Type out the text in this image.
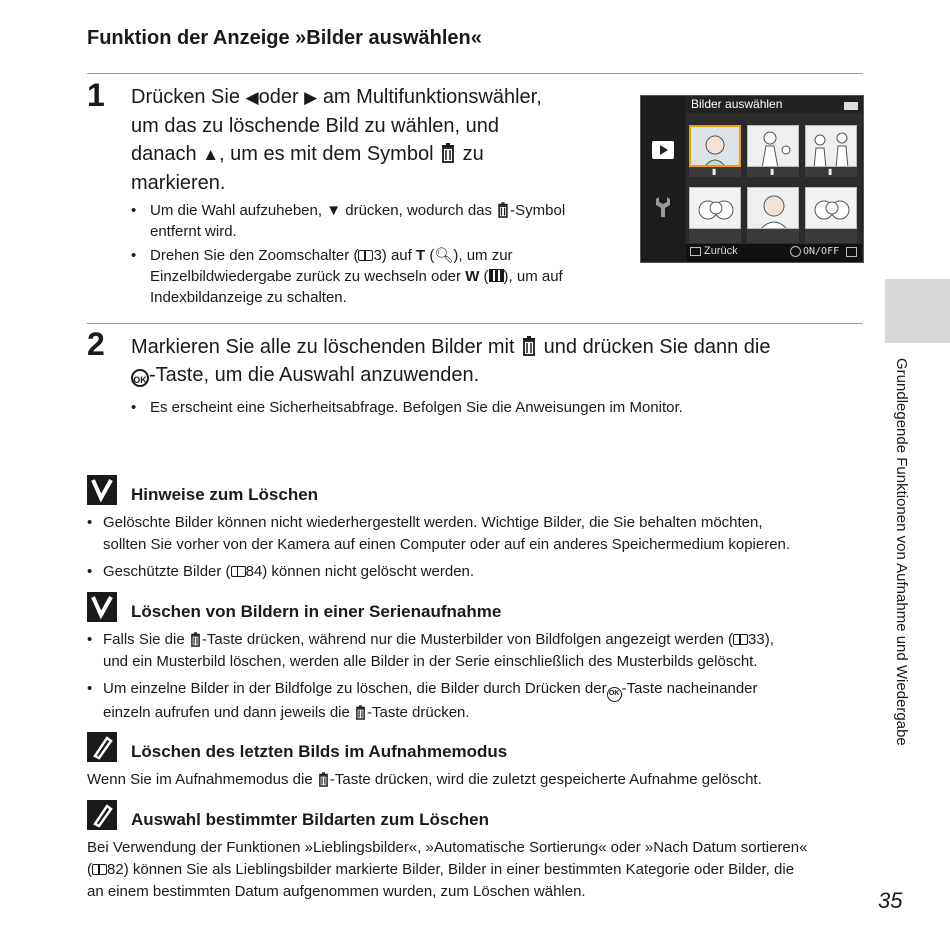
Funktion der Anzeige »Bilder auswählen«
1 Drücken Sie ◀oder ▶ am Multifunktionswähler,
um das zu löschende Bild zu wählen, und
danach ▲, um es mit dem Symbol zu
markieren.
• Um die Wahl aufzuheben, ▼ drücken, wodurch das -Symbol
entfernt wird.
• Drehen Sie den Zoomschalter ( 3) auf T (🔍︎), um zur
Einzelbildwiedergabe zurück zu wechseln oder W ( ), um auf
Indexbildanzeige zu schalten.
Bilder auswählen
▮	▮	▮
Zurück	ON/OFF
2 Markieren Sie alle zu löschenden Bilder mit und drücken Sie dann die
OK -Taste, um die Auswahl anzuwenden.
• Es erscheint eine Sicherheitsabfrage. Befolgen Sie die Anweisungen im Monitor.
Hinweise zum Löschen
• Gelöschte Bilder können nicht wiederhergestellt werden. Wichtige Bilder, die Sie behalten möchten,
sollten Sie vorher von der Kamera auf einen Computer oder auf ein anderes Speichermedium kopieren.
• Geschützte Bilder ( 84) können nicht gelöscht werden.
Löschen von Bildern in einer Serienaufnahme
• Falls Sie die -Taste drücken, während nur die Musterbilder von Bildfolgen angezeigt werden ( 33),
und ein Musterbild löschen, werden alle Bilder in der Serie einschließlich des Musterbilds gelöscht.
• Um einzelne Bilder in der Bildfolge zu löschen, die Bilder durch Drücken der OK -Taste nacheinander
einzeln aufrufen und dann jeweils die -Taste drücken.
Löschen des letzten Bilds im Aufnahmemodus
Wenn Sie im Aufnahmemodus die -Taste drücken, wird die zuletzt gespeicherte Aufnahme gelöscht.
Auswahl bestimmter Bildarten zum Löschen
Bei Verwendung der Funktionen »Lieblingsbilder«, »Automatische Sortierung« oder »Nach Datum sortieren«
( 82) können Sie als Lieblingsbilder markierte Bilder, Bilder in einer bestimmten Kategorie oder Bilder, die
an einem bestimmten Datum aufgenommen wurden, zum Löschen wählen.
Grundlegende Funktionen von Aufnahme und Wiedergabe
35
